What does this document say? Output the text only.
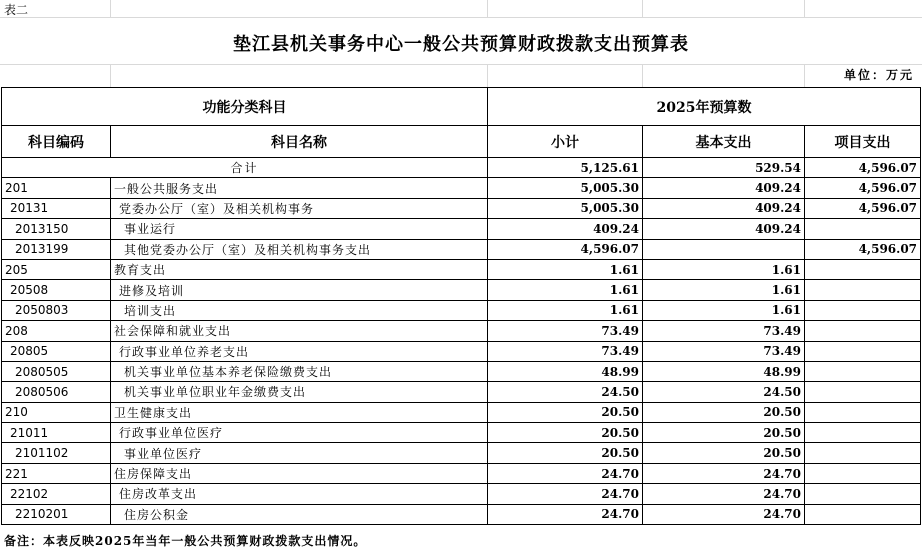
表二
垫江县机关事务中心一般公共预算财政拨款支出预算表
单位：万元
功能分类科目		2025年预算数		
科目编码	科目名称	小计	基本支出	项目支出
合计		5,125.61	529.54	4,596.07
201	一般公共服务支出	5,005.30	409.24	4,596.07
20131	党委办公厅（室）及相关机构事务	5,005.30	409.24	4,596.07
2013150	事业运行	409.24	409.24	
2013199	其他党委办公厅（室）及相关机构事务支出	4,596.07		4,596.07
205	教育支出	1.61	1.61	
20508	进修及培训	1.61	1.61	
2050803	培训支出	1.61	1.61	
208	社会保障和就业支出	73.49	73.49	
20805	行政事业单位养老支出	73.49	73.49	
2080505	机关事业单位基本养老保险缴费支出	48.99	48.99	
2080506	机关事业单位职业年金缴费支出	24.50	24.50	
210	卫生健康支出	20.50	20.50	
21011	行政事业单位医疗	20.50	20.50	
2101102	事业单位医疗	20.50	20.50	
221	住房保障支出	24.70	24.70	
22102	住房改革支出	24.70	24.70	
2210201	住房公积金	24.70	24.70	
备注：本表反映2025年当年一般公共预算财政拨款支出情况。
